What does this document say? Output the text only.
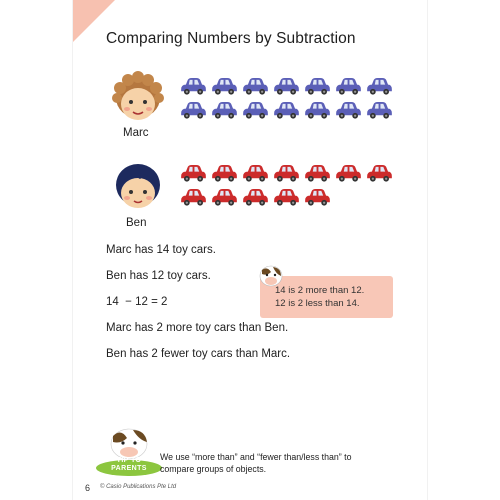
Comparing Numbers by Subtraction
Marc
Ben
Marc has 14 toy cars.
Ben has 12 toy cars.
14  − 12 = 2
Marc has 2 more toy cars than Ben.
Ben has 2 fewer toy cars than Marc.
14 is 2 more than 12.
12 is 2 less than 14.
TIP TO
PARENTS
We use “more than” and “fewer than/less than” to
compare groups of objects.
6 © Casio Publications Pte Ltd
